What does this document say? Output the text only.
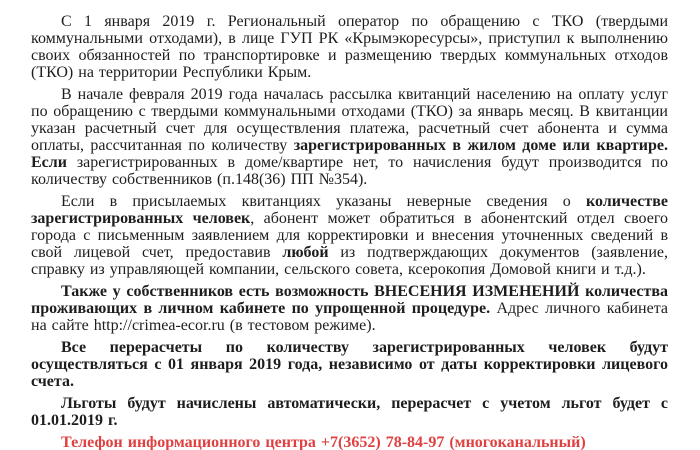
С 1 января 2019 г. Региональный оператор по обращению с ТКО (твердыми коммунальными отходами), в лице ГУП РК «Крымэкоресурсы», приступил к выполнению своих обязанностей по транспортировке и размещению твердых коммунальных отходов (ТКО) на территории Республики Крым.

В начале февраля 2019 года началась рассылка квитанций населению на оплату услуг по обращению с твердыми коммунальными отходами (ТКО) за январь месяц. В квитанции указан расчетный счет для осуществления платежа, расчетный счет абонента и сумма оплаты, рассчитанная по количеству зарегистрированных в жилом доме или квартире. Если зарегистрированных в доме/квартире нет, то начисления будут производится по количеству собственников (п.148(36) ПП №354).

Если в присылаемых квитанциях указаны неверные сведения о количестве зарегистрированных человек, абонент может обратиться в абонентский отдел своего города с письменным заявлением для корректировки и внесения уточненных сведений в свой лицевой счет, предоставив любой из подтверждающих документов (заявление, справку из управляющей компании, сельского совета, ксерокопия Домовой книги и т.д.).

Также у собственников есть возможность ВНЕСЕНИЯ ИЗМЕНЕНИЙ количества проживающих в личном кабинете по упрощенной процедуре. Адрес личного кабинета на сайте http://crimea-ecor.ru (в тестовом режиме).

Все перерасчеты по количеству зарегистрированных человек будут осуществляться с 01 января 2019 года, независимо от даты корректировки лицевого счета.

Льготы будут начислены автоматически, перерасчет с учетом льгот будет с 01.01.2019 г.

Телефон информационного центра +7(3652) 78-84-97 (многоканальный)
